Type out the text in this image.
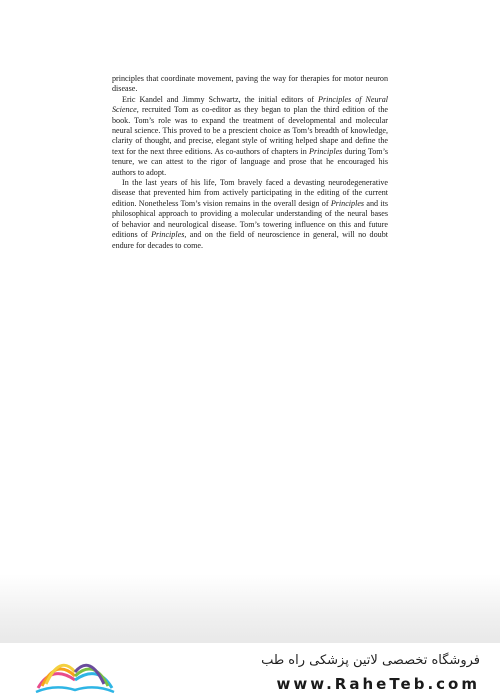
principles that coordinate movement, paving the way for therapies for motor neuron disease.

Eric Kandel and Jimmy Schwartz, the initial editors of Principles of Neural Science, recruited Tom as co-editor as they began to plan the third edition of the book. Tom’s role was to expand the treatment of developmental and molecular neural science. This proved to be a prescient choice as Tom’s breadth of knowledge, clarity of thought, and precise, elegant style of writing helped shape and define the text for the next three editions. As co-authors of chapters in Principles during Tom’s tenure, we can attest to the rigor of language and prose that he encouraged his authors to adopt.

In the last years of his life, Tom bravely faced a devasting neurodegenerative disease that prevented him from actively participating in the editing of the current edition. Nonetheless Tom’s vision remains in the overall design of Principles and its philosophical approach to providing a molecular understanding of the neural bases of behavior and neurological disease. Tom’s towering influence on this and future editions of Principles, and on the field of neuroscience in general, will no doubt endure for decades to come.

فروشگاه تخصصی لاتین پزشکی راه طب
www.RaheTeb.com
